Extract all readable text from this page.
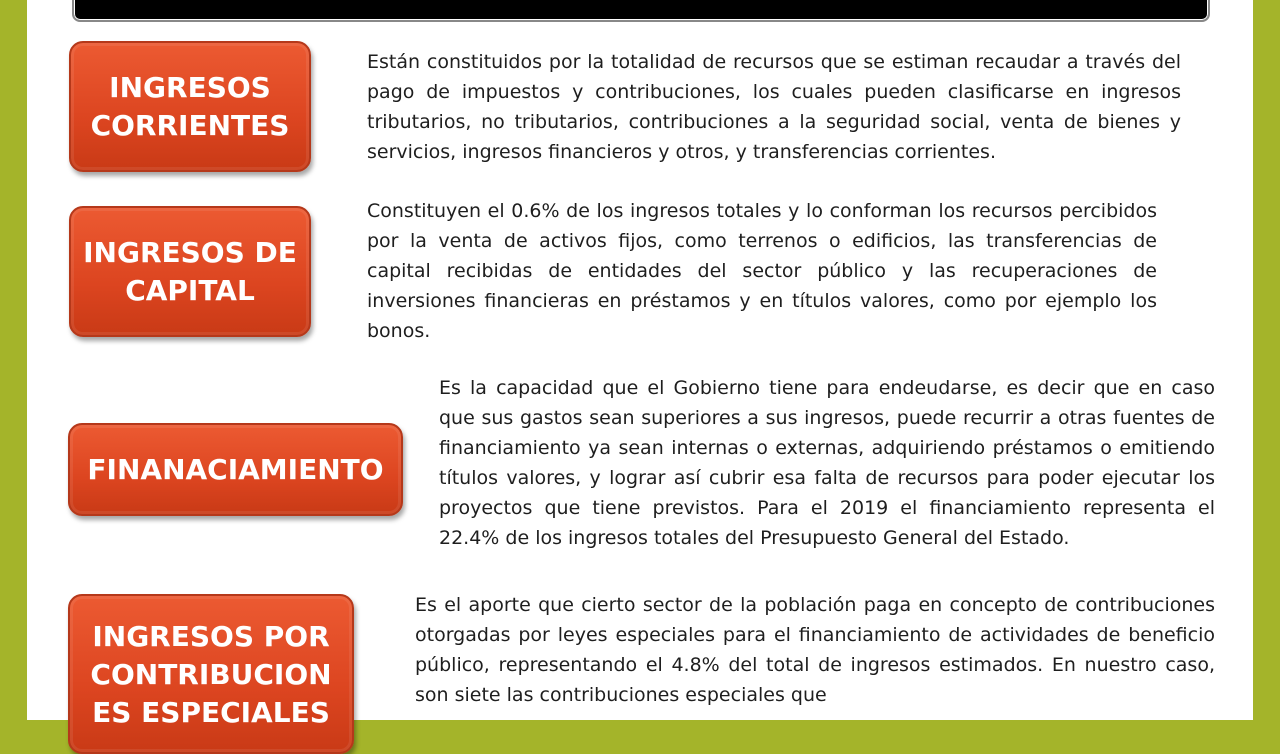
INGRESOS
CORRIENTES

Están constituidos por la totalidad de recursos que se estiman recaudar a través del pago de impuestos y contribuciones, los cuales pueden clasificarse en ingresos tributarios, no tributarios, contribuciones a la seguridad social, venta de bienes y servicios, ingresos financieros y otros, y transferencias corrientes.

INGRESOS DE
CAPITAL

Constituyen el 0.6% de los ingresos totales y lo conforman los recursos percibidos por la venta de activos fijos, como terrenos o edificios, las transferencias de capital recibidas de entidades del sector público y las recuperaciones de inversiones financieras en préstamos y en títulos valores, como por ejemplo los bonos.

FINANACIAMIENTO

Es la capacidad que el Gobierno tiene para endeudarse, es decir que en caso que sus gastos sean superiores a sus ingresos, puede recurrir a otras fuentes de financiamiento ya sean internas o externas, adquiriendo préstamos o emitiendo títulos valores, y lograr así cubrir esa falta de recursos para poder ejecutar los proyectos que tiene previstos. Para el 2019 el financiamiento representa el 22.4% de los ingresos totales del Presupuesto General del Estado.

INGRESOS POR
CONTRIBUCION
ES ESPECIALES

Es el aporte que cierto sector de la población paga en concepto de contribuciones otorgadas por leyes especiales para el financiamiento de actividades de beneficio público, representando el 4.8% del total de ingresos estimados. En nuestro caso, son siete las contribuciones especiales que
